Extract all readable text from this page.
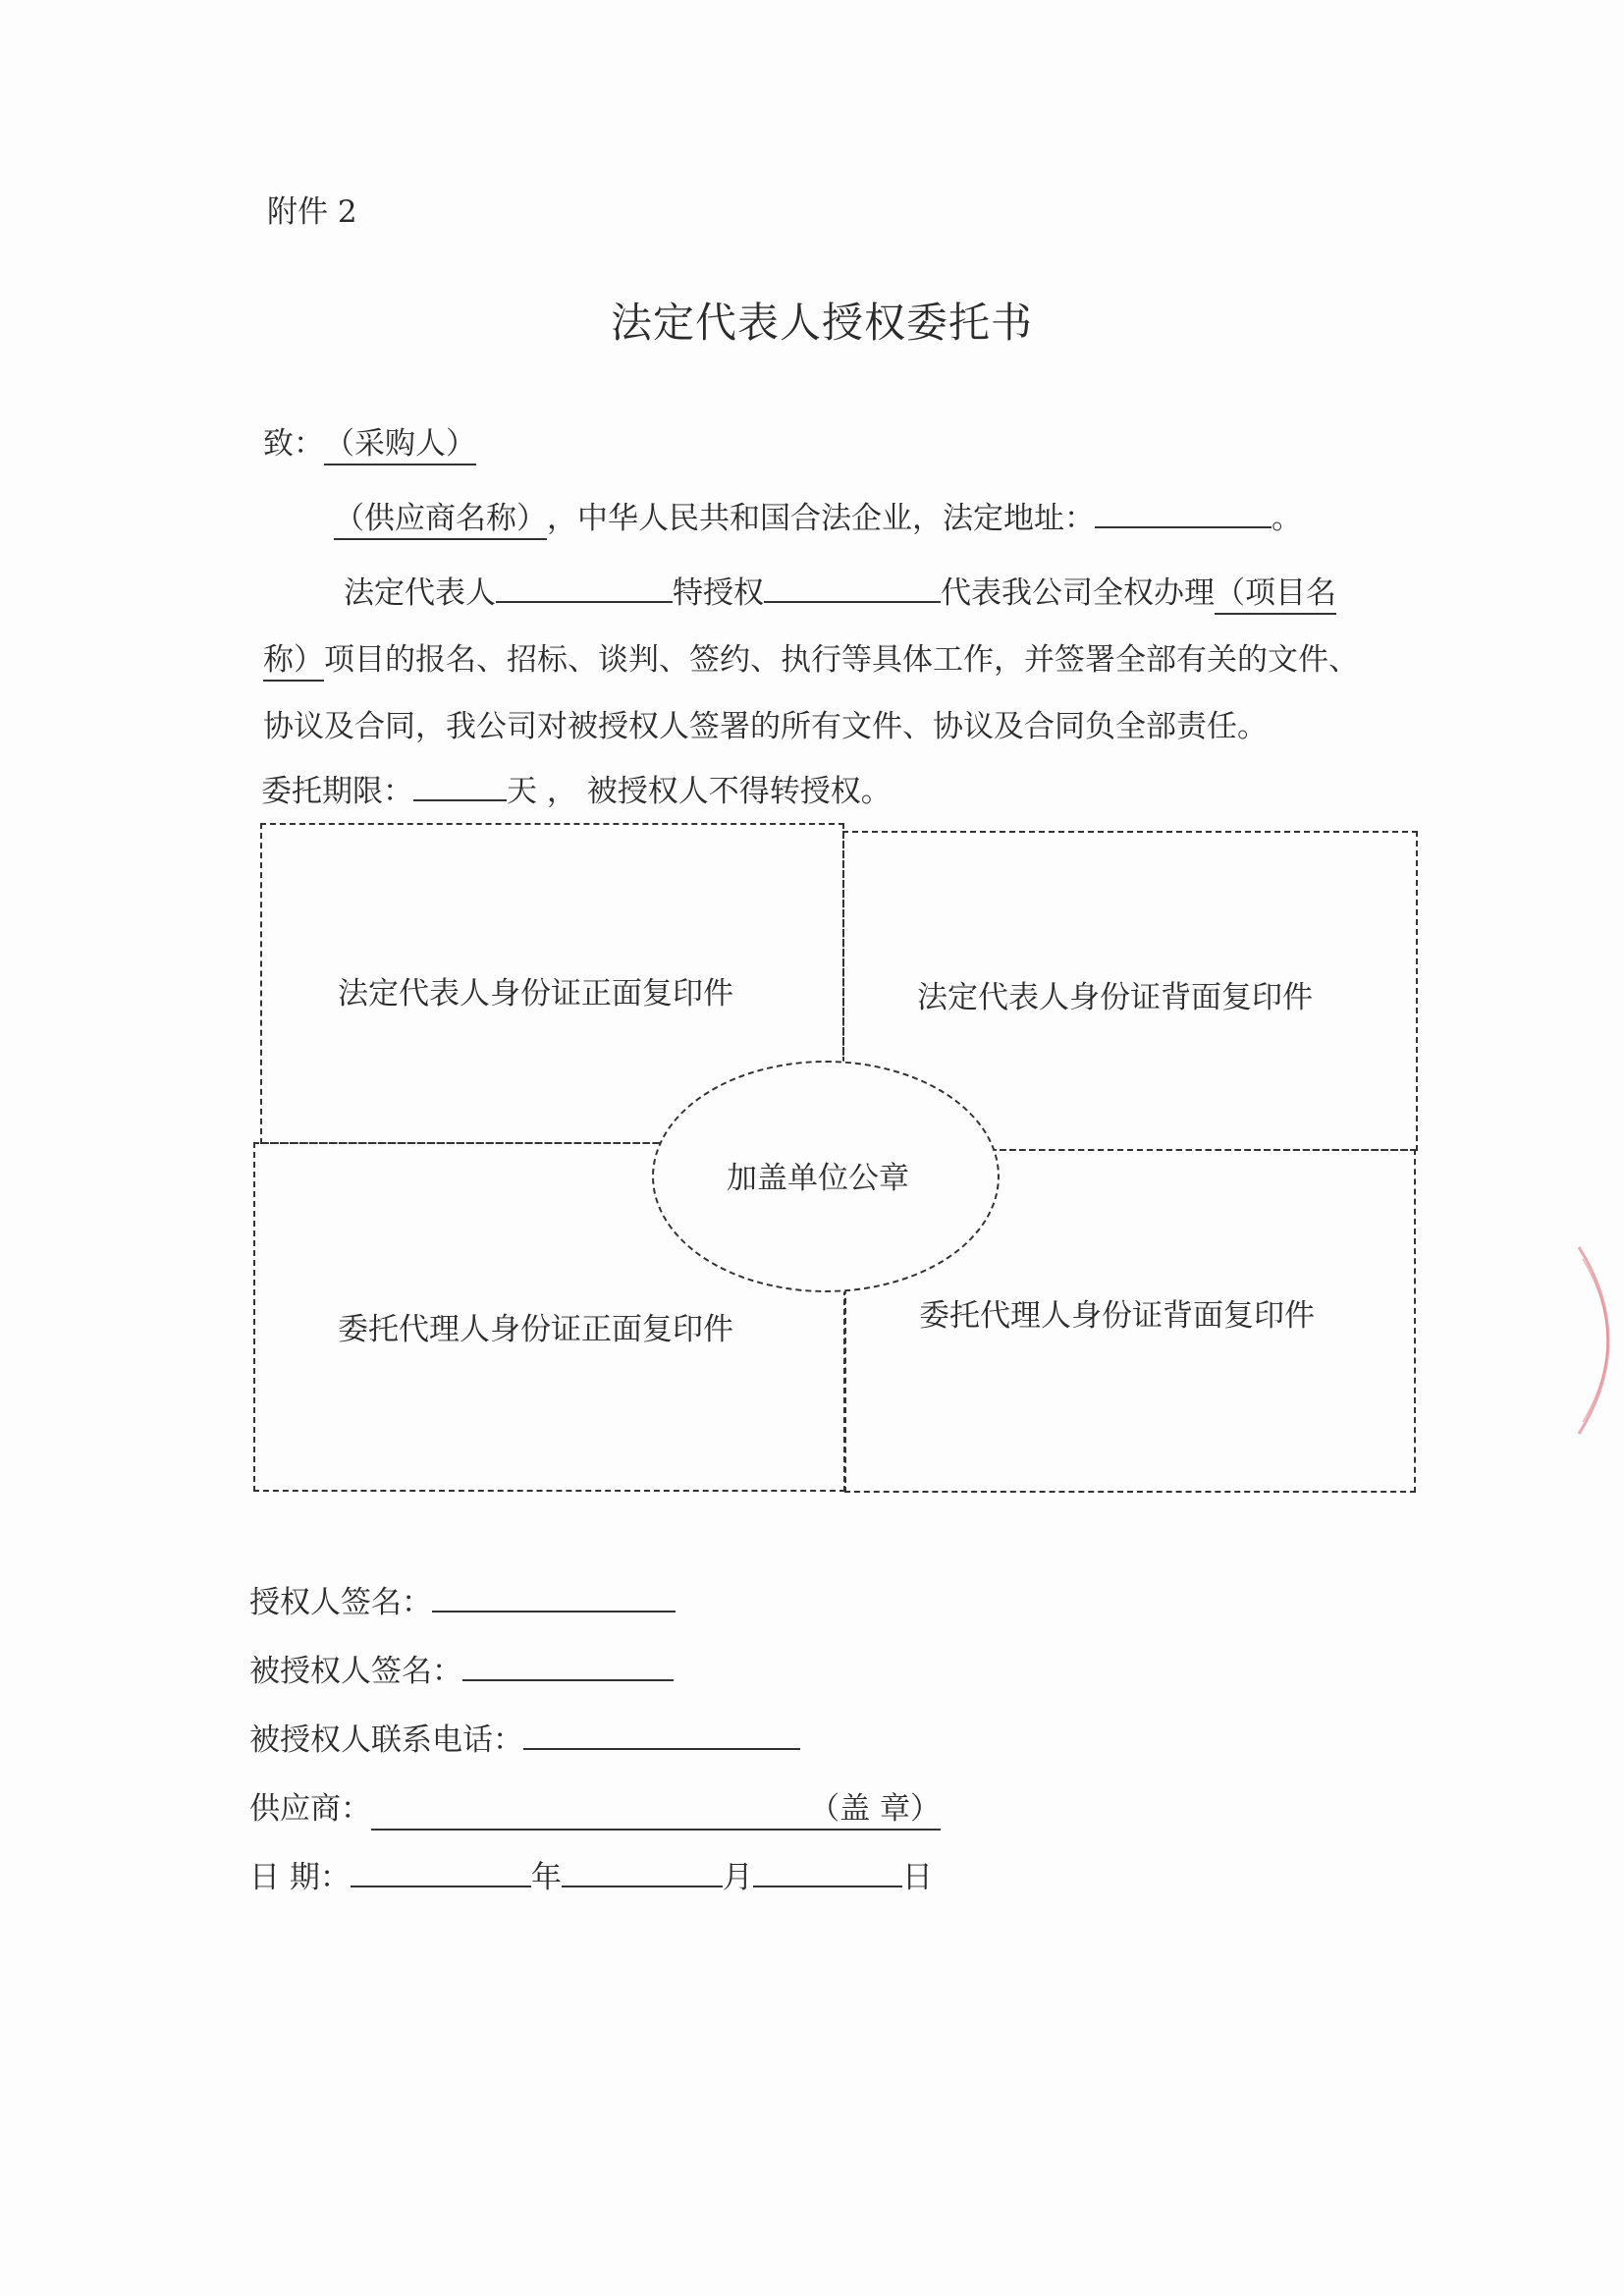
附件 2
法定代表人授权委托书
致：（采购人）
（供应商名称），中华人民共和国合法企业，法定地址：	。
法定代表人	特授权	代表我公司全权办理（项目名
称）项目的报名、招标、谈判、签约、执行等具体工作，并签署全部有关的文件、
协议及合同，我公司对被授权人签署的所有文件、协议及合同负全部责任。
委托期限：	天 ， 被授权人不得转授权。
法定代表人身份证正面复印件	法定代表人身份证背面复印件
委托代理人身份证正面复印件	委托代理人身份证背面复印件
加盖单位公章
授权人签名：
被授权人签名：
被授权人联系电话：
供应商：	（盖 章）
日 期：	年	月	日
